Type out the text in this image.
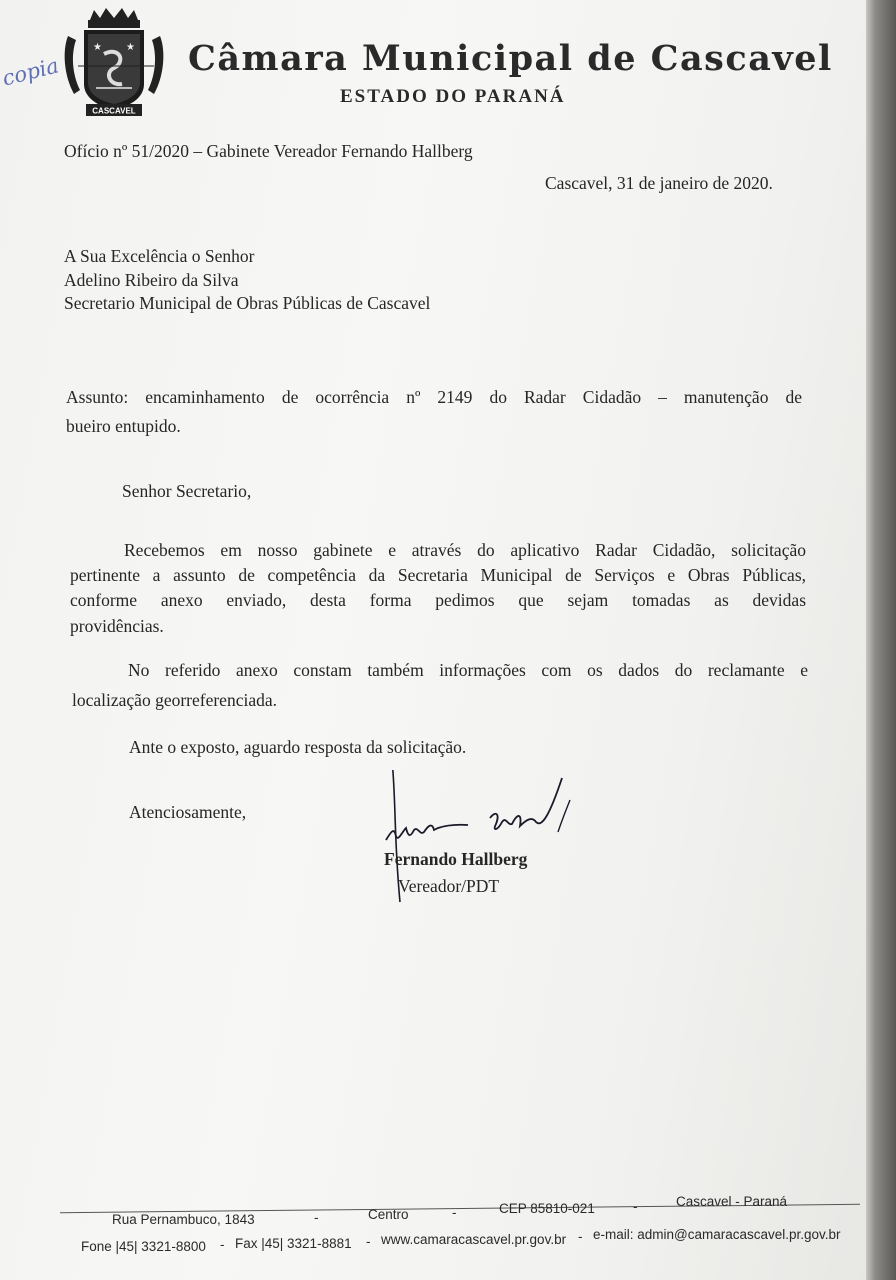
copia
★ ★
CASCAVEL
Câmara Municipal de Cascavel
ESTADO DO PARANÁ
Ofício nº 51/2020 – Gabinete Vereador Fernando Hallberg
Cascavel, 31 de janeiro de 2020.
A Sua Excelência o Senhor
Adelino Ribeiro da Silva
Secretario Municipal de Obras Públicas de Cascavel
Assunto: encaminhamento de ocorrência nº 2149 do Radar Cidadão – manutenção de
bueiro entupido.
Senhor Secretario,
Recebemos em nosso gabinete e através do aplicativo Radar Cidadão, solicitação
pertinente a assunto de competência da Secretaria Municipal de Serviços e Obras Públicas,
conforme anexo enviado, desta forma pedimos que sejam tomadas as devidas
providências.
No referido anexo constam também informações com os dados do reclamante e
localização georreferenciada.
Ante o exposto, aguardo resposta da solicitação.
Atenciosamente,
Fernando Hallberg
Vereador/PDT
Rua Pernambuco, 1843	-	Centro	-	CEP 85810-021	-	Cascavel - Paraná
Fone |45| 3321-8800 - Fax |45| 3321-8881 - www.camaracascavel.pr.gov.br - e-mail: admin@camaracascavel.pr.gov.br
